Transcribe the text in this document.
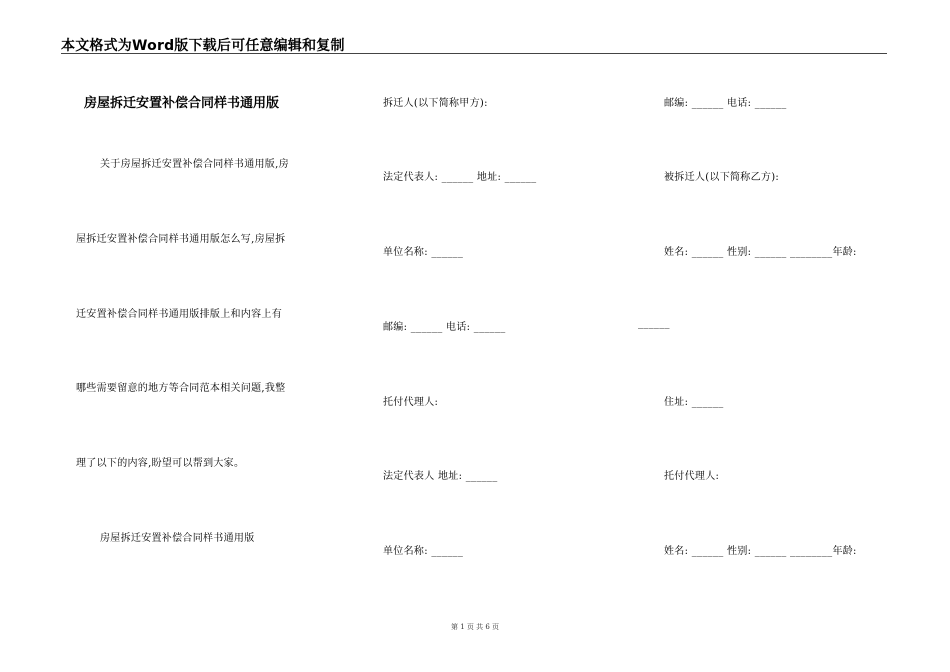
本文格式为Word版下载后可任意编辑和复制
房屋拆迁安置补偿合同样书通用版
关于房屋拆迁安置补偿合同样书通用版,房
屋拆迁安置补偿合同样书通用版怎么写,房屋拆
迁安置补偿合同样书通用版排版上和内容上有
哪些需要留意的地方等合同范本相关问题,我整
理了以下的内容,盼望可以帮到大家。
房屋拆迁安置补偿合同样书通用版
拆迁人(以下简称甲方):
法定代表人: ______ 地址: ______
单位名称: ______
邮编: ______ 电话: ______	______
托付代理人:
法定代表人 地址: ______
单位名称: ______
邮编: ______ 电话: ______
被拆迁人(以下简称乙方):
姓名: ______ 性别: ______ ________年龄:
住址: ______
托付代理人:
姓名: ______ 性别: ______ ________年龄:
第 1 页 共 6 页
